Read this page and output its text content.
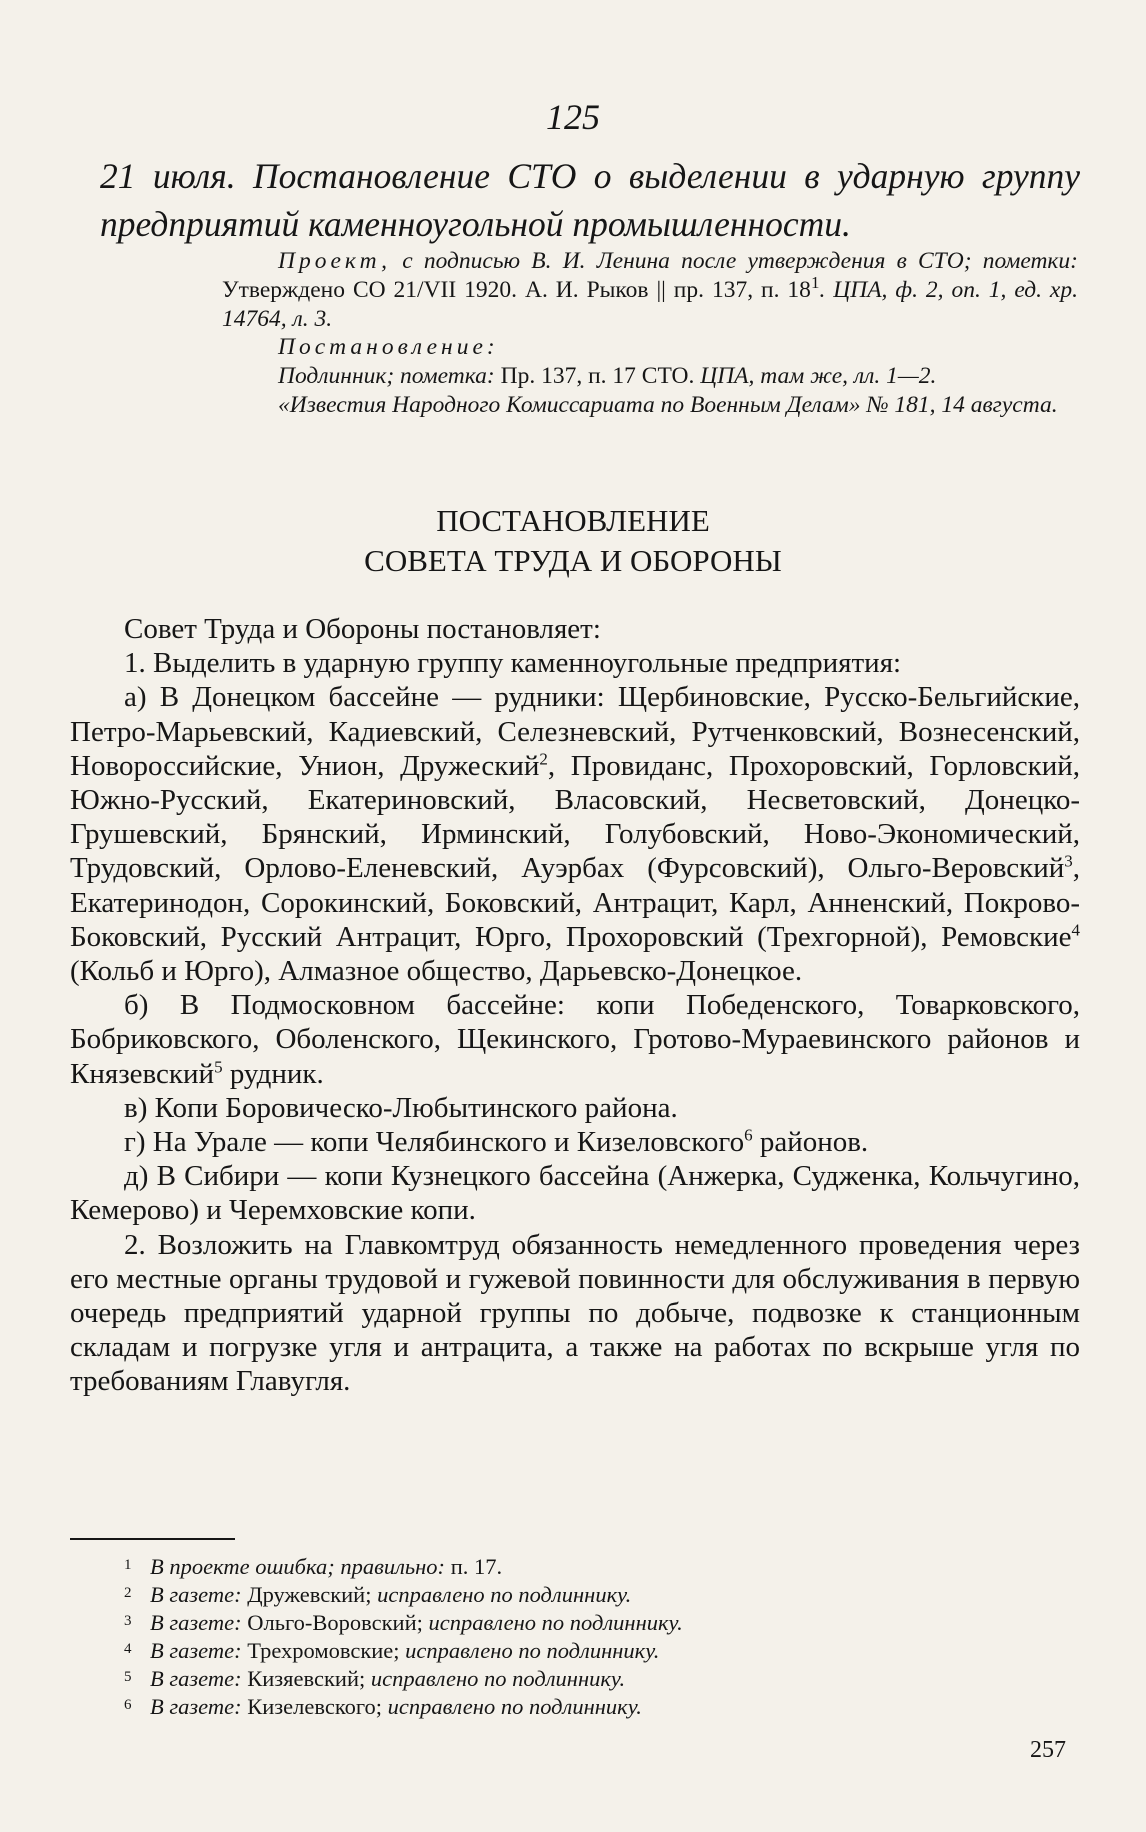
125
21 июля. Постановление СТО о выделении в ударную группу предприятий каменноугольной промышленности.

Проект, с подписью В. И. Ленина после утверждения в СТО; пометки: Утверждено СО 21/VII 1920. А. И. Рыков || пр. 137, п. $18^1$. ЦПА, ф. 2, оп. 1, ед. хр. 14764, л. 3.

Постановление:

Подлинник; пометка: Пр. 137, п. 17 СТО. ЦПА, там же, лл. 1—2.

«Известия Народного Комиссариата по Военным Делам» № 181, 14 августа.

ПОСТАНОВЛЕНИЕ
СОВЕТА ТРУДА И ОБОРОНЫ

Совет Труда и Обороны постановляет:

1. Выделить в ударную группу каменноугольные предприятия:

а) В Донецком бассейне — рудники: Щербиновские, Русско-Бельгийские, Петро-Марьевский, Кадиевский, Селезневский, Рутченковский, Вознесенский, Новороссийские, Унион, Дружеский$^2$, Провиданс, Прохоровский, Горловский, Южно-Русский, Екатериновский, Власовский, Несветовский, Донецко-Грушевский, Брянский, Ирминский, Голубовский, Ново-Экономический, Трудовский, Орлово-Еленевский, Ауэрбах (Фурсовский), Ольго-Веровский$^3$, Екатеринодон, Сорокинский, Боковский, Антрацит, Карл, Анненский, Покрово-Боковский, Русский Антрацит, Юрго, Прохоровский (Трехгорной), Ремовские$^4$ (Кольб и Юрго), Алмазное общество, Дарьевско-Донецкое.

б) В Подмосковном бассейне: копи Победенского, Товарковского, Бобриковского, Оболенского, Щекинского, Гротово-Мураевинского районов и Князевский$^5$ рудник.

в) Копи Боровическо-Любытинского района.

г) На Урале — копи Челябинского и Кизеловского$^6$ районов.

д) В Сибири — копи Кузнецкого бассейна (Анжерка, Судженка, Кольчугино, Кемерово) и Черемховские копи.

2. Возложить на Главкомтруд обязанность немедленного проведения через его местные органы трудовой и гужевой повинности для обслуживания в первую очередь предприятий ударной группы по добыче, подвозке к станционным складам и погрузке угля и антрацита, а также на работах по вскрыше угля по требованиям Главугля.

1 В проекте ошибка; правильно: п. 17.
2 В газете: Дружевский; исправлено по подлиннику.
3 В газете: Ольго-Воровский; исправлено по подлиннику.
4 В газете: Трехромовские; исправлено по подлиннику.
5 В газете: Кизяевский; исправлено по подлиннику.
6 В газете: Кизелевского; исправлено по подлиннику.
257
